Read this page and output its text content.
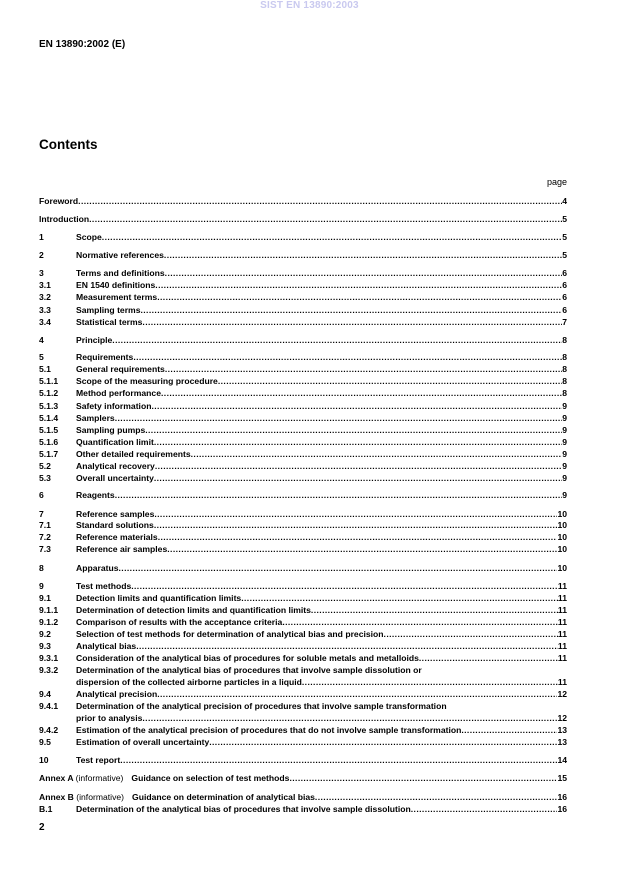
SIST EN 13890:2003
EN 13890:2002 (E)
Contents
page
Foreword .....	4
Introduction .....	5
1	Scope .....	5
2	Normative references .....	5
3	Terms and definitions .....	6
3.1	EN 1540 definitions .....	6
3.2	Measurement terms .....	6
3.3	Sampling terms .....	6
3.4	Statistical terms .....	7
4	Principle .....	8
5	Requirements .....	8
5.1	General requirements .....	8
5.1.1	Scope of the measuring procedure .....	8
5.1.2	Method performance .....	8
5.1.3	Safety information .....	9
5.1.4	Samplers .....	9
5.1.5	Sampling pumps .....	9
5.1.6	Quantification limit .....	9
5.1.7	Other detailed requirements .....	9
5.2	Analytical recovery .....	9
5.3	Overall uncertainty .....	9
6	Reagents .....	9
7	Reference samples .....	10
7.1	Standard solutions .....	10
7.2	Reference materials .....	10
7.3	Reference air samples .....	10
8	Apparatus .....	10
9	Test methods .....	11
9.1	Detection limits and quantification limits .....	11
9.1.1	Determination of detection limits and quantification limits .....	11
9.1.2	Comparison of results with the acceptance criteria .....	11
9.2	Selection of test methods for determination of analytical bias and precision .....	11
9.3	Analytical bias .....	11
9.3.1	Consideration of the analytical bias of procedures for soluble metals and metalloids .....	11
9.3.2	Determination of the analytical bias of procedures that involve sample dissolution or
dispersion of the collected airborne particles in a liquid .....	11
9.4	Analytical precision .....	12
9.4.1	Determination of the analytical precision of procedures that involve sample transformation
prior to analysis .....	12
9.4.2	Estimation of the analytical precision of procedures that do not involve sample transformation .....	13
9.5	Estimation of overall uncertainty .....	13
10	Test report .....	14
Annex A (informative) Guidance on selection of test methods .....	15
Annex B (informative) Guidance on determination of analytical bias .....	16
B.1	Determination of the analytical bias of procedures that involve sample dissolution .....	16
2
